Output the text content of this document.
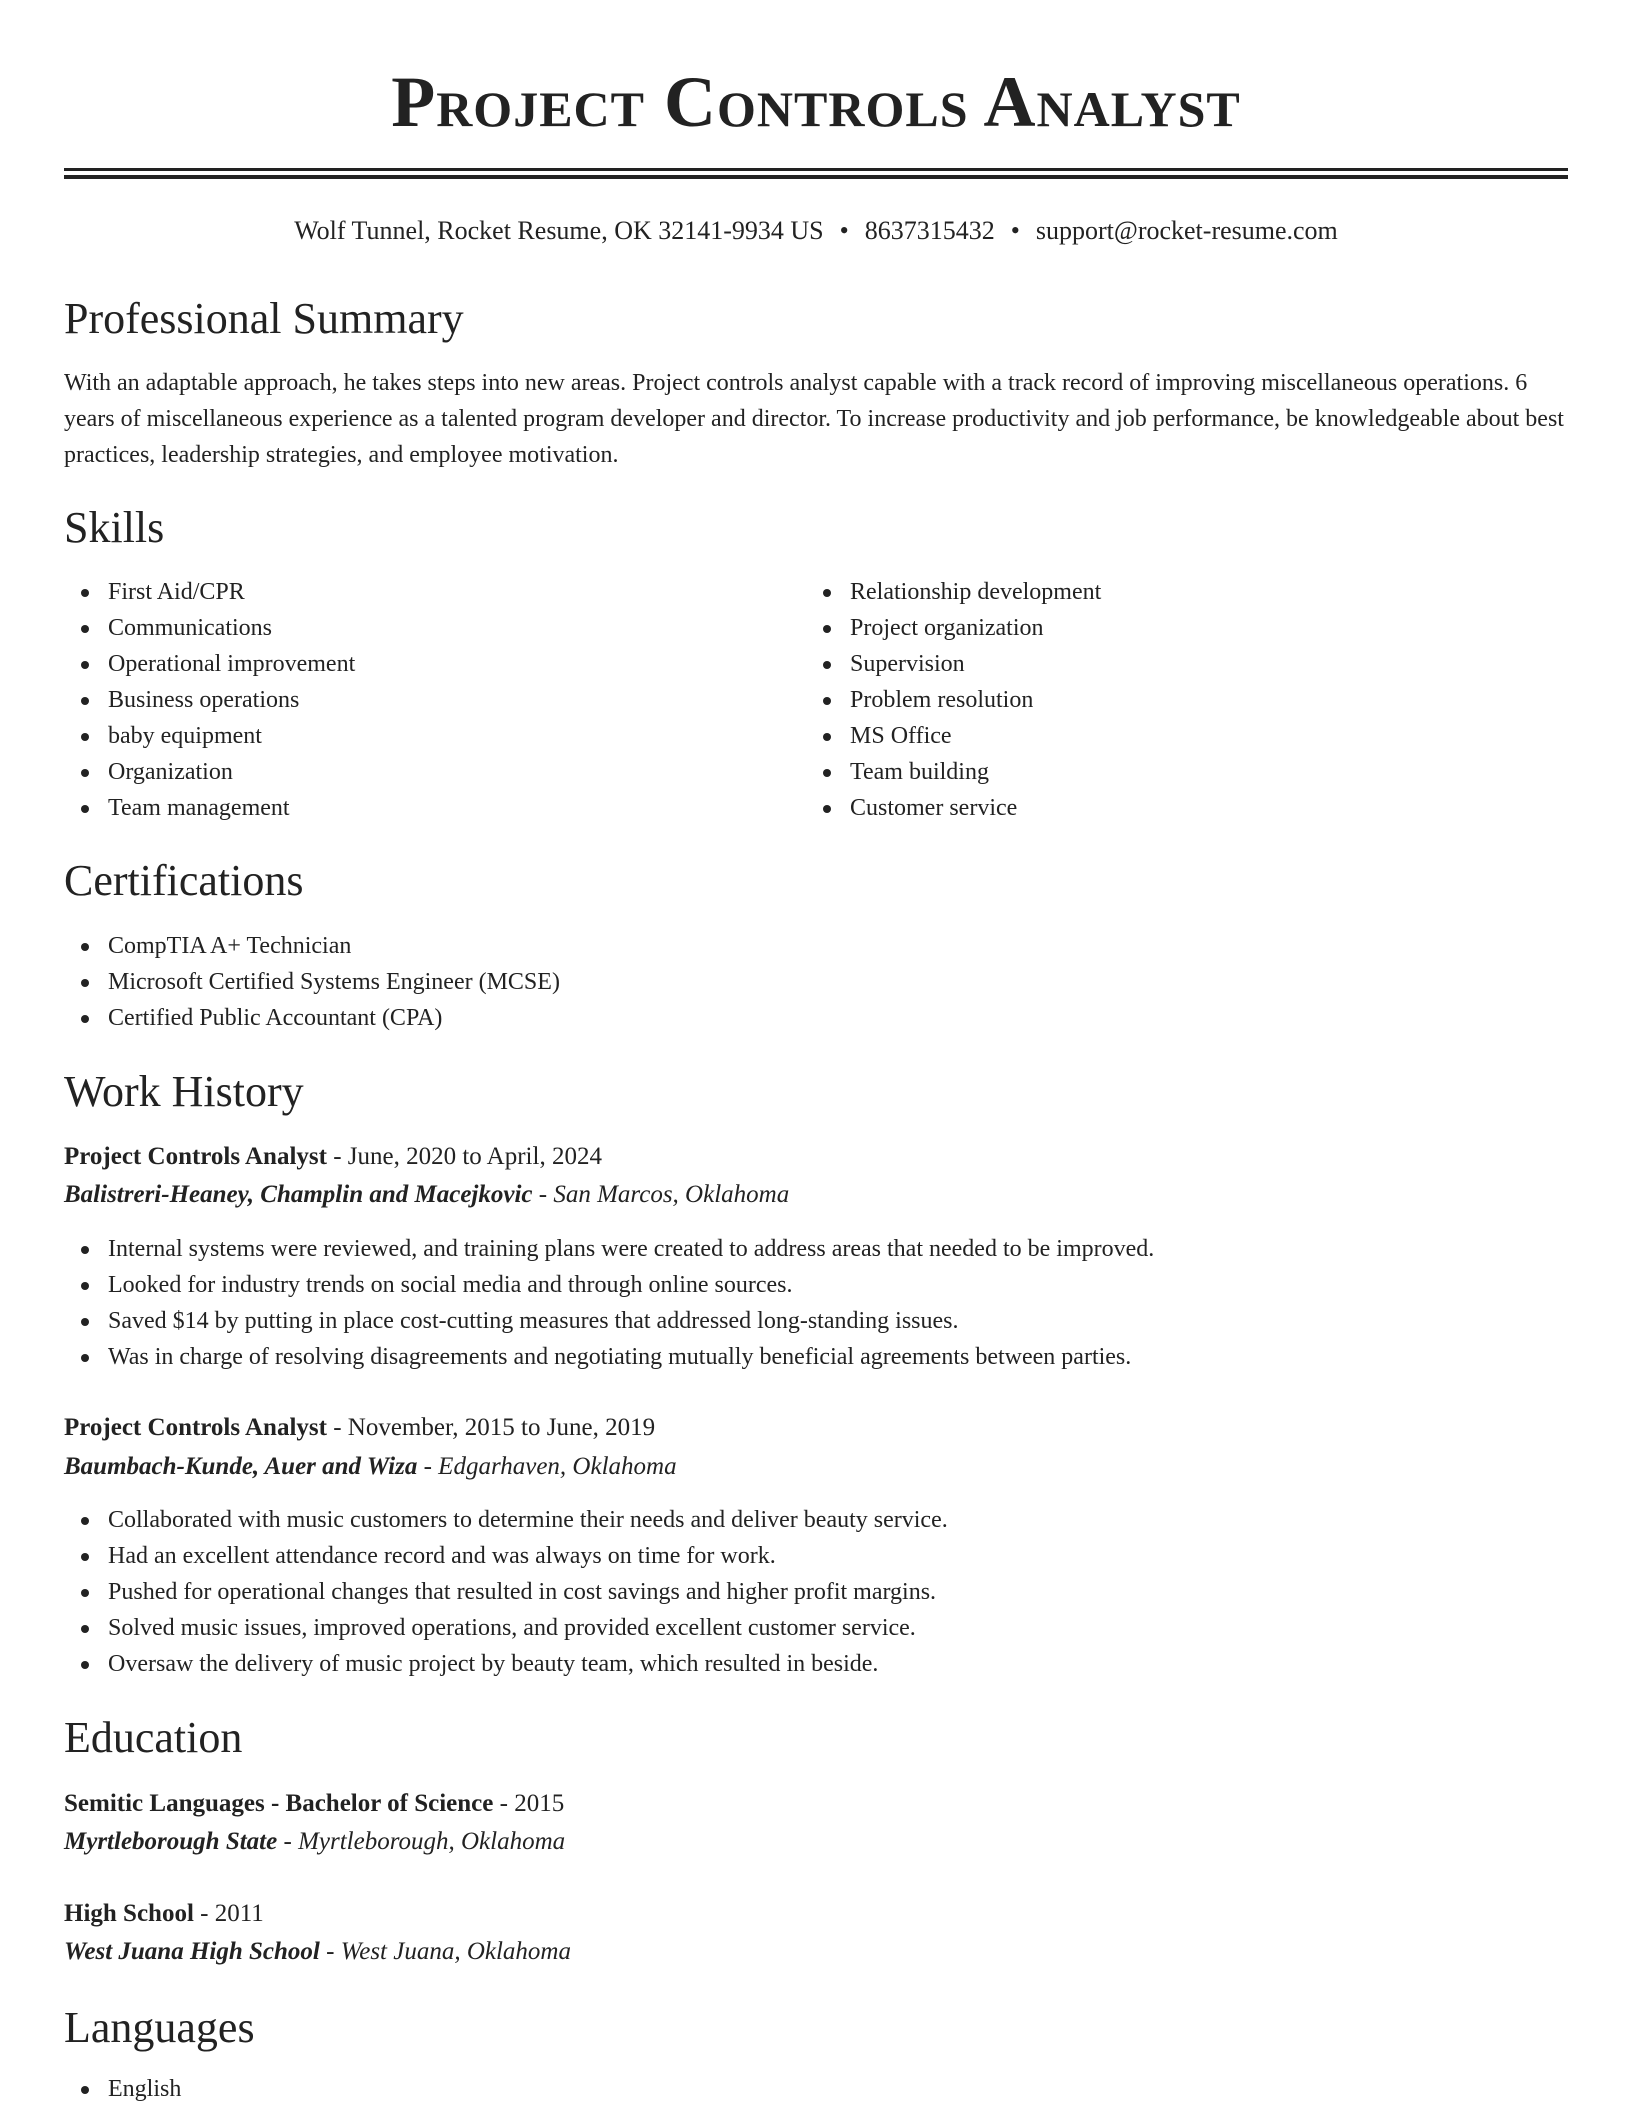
Project Controls Analyst
Wolf Tunnel, Rocket Resume, OK 32141-9934 US • 8637315432 • support@rocket-resume.com
Professional Summary
With an adaptable approach, he takes steps into new areas. Project controls analyst capable with a track record of improving miscellaneous operations. 6 years of miscellaneous experience as a talented program developer and director. To increase productivity and job performance, be knowledgeable about best practices, leadership strategies, and employee motivation.
Skills
First Aid/CPR
Communications
Operational improvement
Business operations
baby equipment
Organization
Team management
Relationship development
Project organization
Supervision
Problem resolution
MS Office
Team building
Customer service
Certifications
CompTIA A+ Technician
Microsoft Certified Systems Engineer (MCSE)
Certified Public Accountant (CPA)
Work History
Project Controls Analyst - June, 2020 to April, 2024
Balistreri-Heaney, Champlin and Macejkovic - San Marcos, Oklahoma
Internal systems were reviewed, and training plans were created to address areas that needed to be improved.
Looked for industry trends on social media and through online sources.
Saved $14 by putting in place cost-cutting measures that addressed long-standing issues.
Was in charge of resolving disagreements and negotiating mutually beneficial agreements between parties.
Project Controls Analyst - November, 2015 to June, 2019
Baumbach-Kunde, Auer and Wiza - Edgarhaven, Oklahoma
Collaborated with music customers to determine their needs and deliver beauty service.
Had an excellent attendance record and was always on time for work.
Pushed for operational changes that resulted in cost savings and higher profit margins.
Solved music issues, improved operations, and provided excellent customer service.
Oversaw the delivery of music project by beauty team, which resulted in beside.
Education
Semitic Languages - Bachelor of Science - 2015
Myrtleborough State - Myrtleborough, Oklahoma
High School - 2011
West Juana High School - West Juana, Oklahoma
Languages
English
